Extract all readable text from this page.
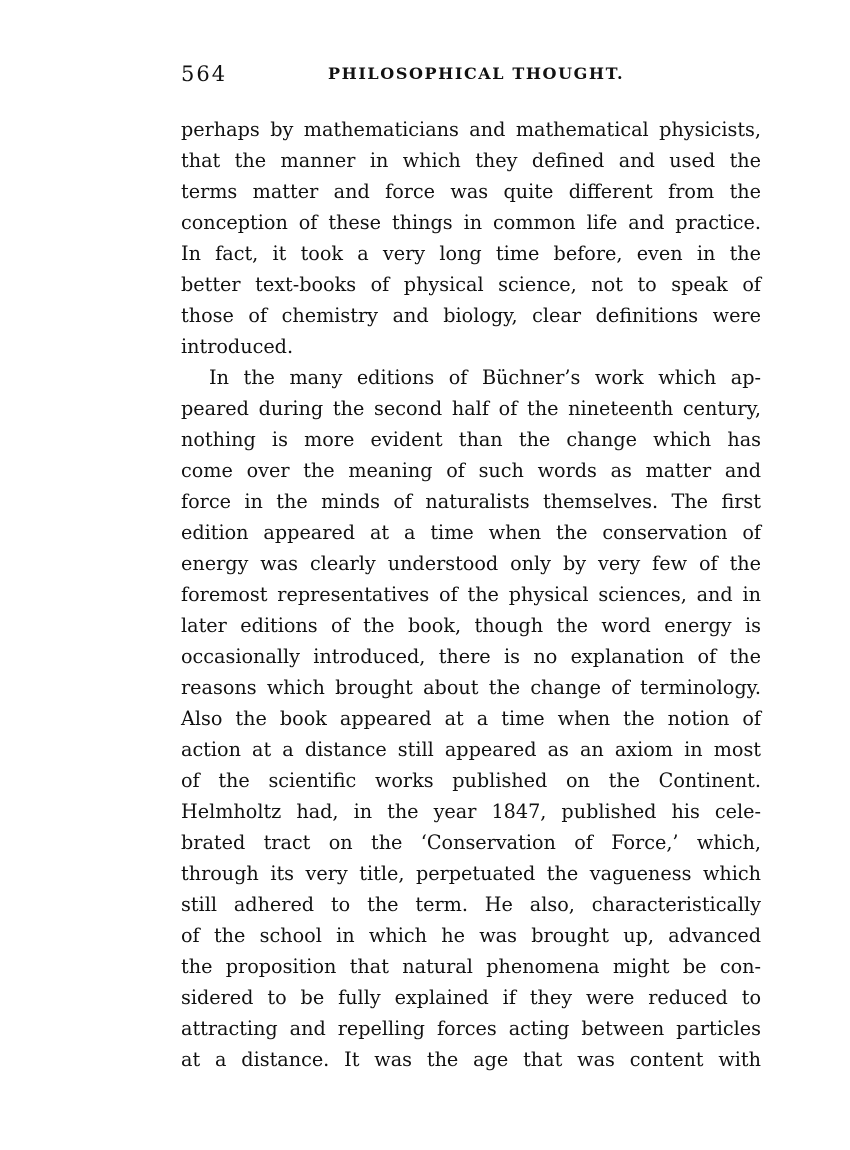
564	PHILOSOPHICAL THOUGHT.
perhaps by mathematicians and mathematical physicists,
that the manner in which they defined and used the
terms matter and force was quite different from the
conception of these things in common life and practice.
In fact, it took a very long time before, even in the
better text-books of physical science, not to speak of
those of chemistry and biology, clear definitions were
introduced.
In the many editions of Büchner’s work which ap-
peared during the second half of the nineteenth century,
nothing is more evident than the change which has
come over the meaning of such words as matter and
force in the minds of naturalists themselves. The first
edition appeared at a time when the conservation of
energy was clearly understood only by very few of the
foremost representatives of the physical sciences, and in
later editions of the book, though the word energy is
occasionally introduced, there is no explanation of the
reasons which brought about the change of terminology.
Also the book appeared at a time when the notion of
action at a distance still appeared as an axiom in most
of the scientific works published on the Continent.
Helmholtz had, in the year 1847, published his cele-
brated tract on the ‘Conservation of Force,’ which,
through its very title, perpetuated the vagueness which
still adhered to the term. He also, characteristically
of the school in which he was brought up, advanced
the proposition that natural phenomena might be con-
sidered to be fully explained if they were reduced to
attracting and repelling forces acting between particles
at a distance. It was the age that was content with
